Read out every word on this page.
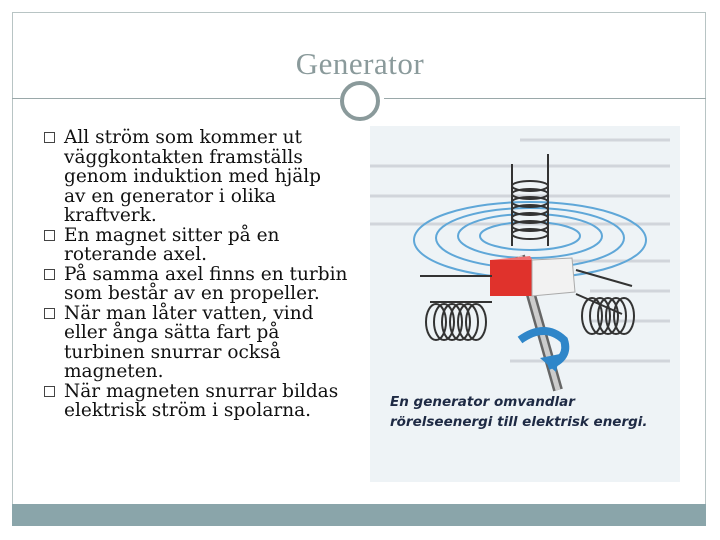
Generator
All ström som kommer ut väggkontakten framställs genom induktion med hjälp av en generator i olika kraftverk.
En magnet sitter på en roterande axel.
På samma axel finns en turbin som består av en propeller.
När man låter vatten, vind eller ånga sätta fart på turbinen snurrar också magneten.
När magneten snurrar bildas elektrisk ström i spolarna.	En generator omvandlar rörelseenergi till elektrisk energi.
